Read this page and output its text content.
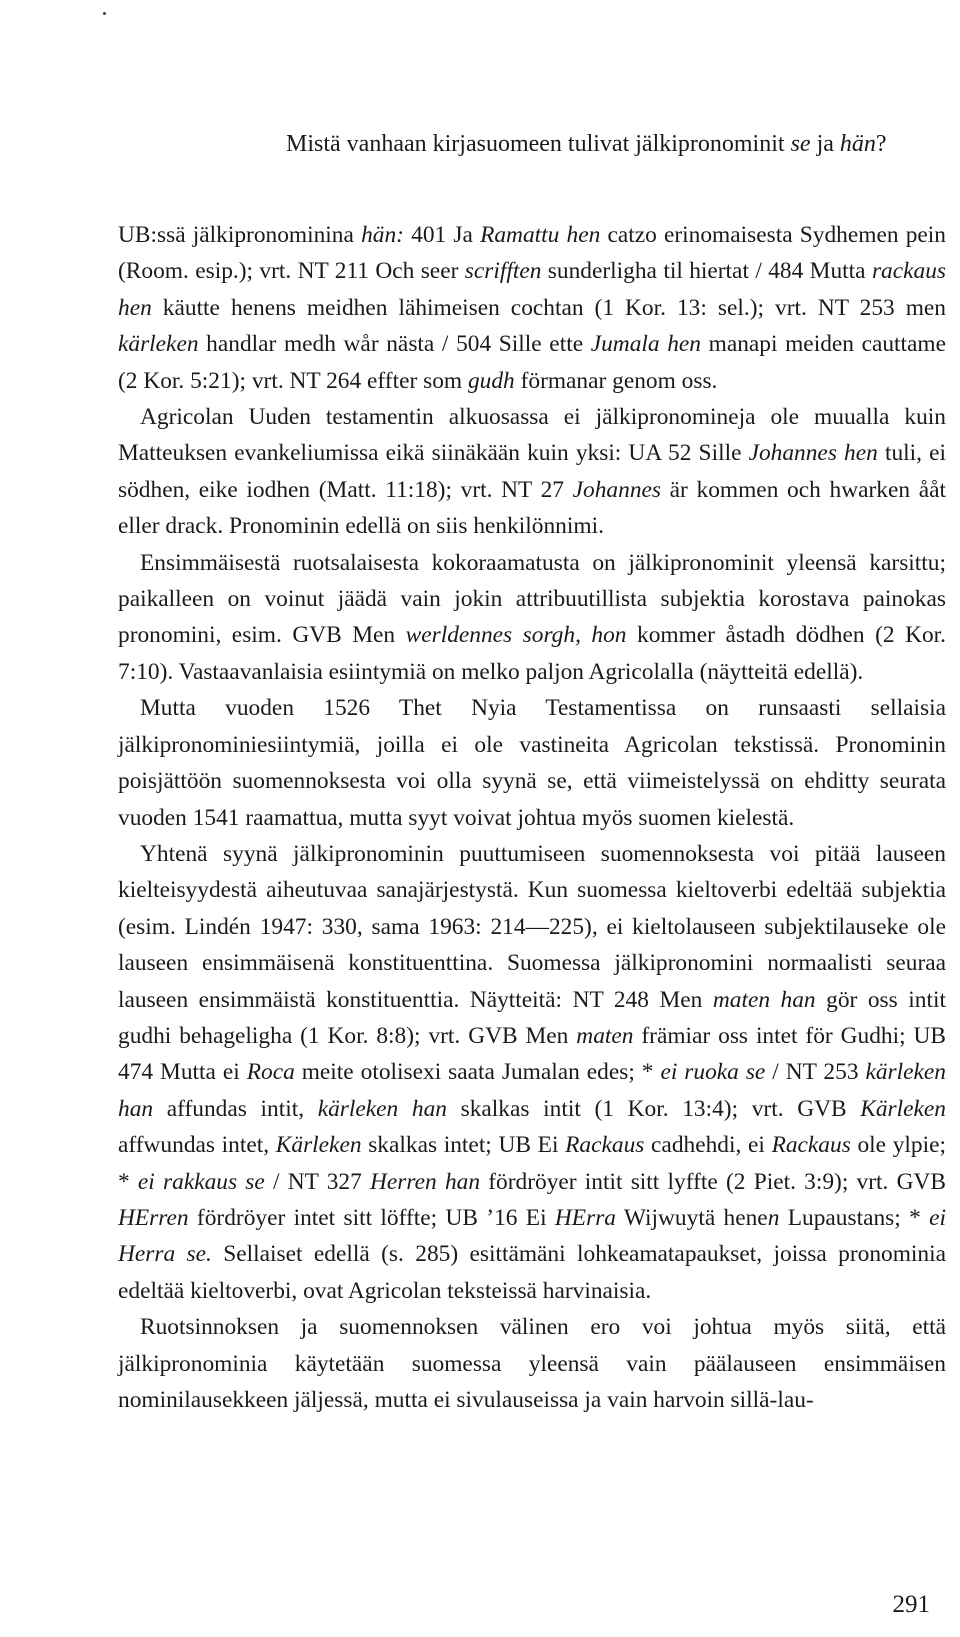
Mistä vanhaan kirjasuomeen tulivat jälkipronominit se ja hän?

UB:ssä jälkipronominina hän: 401 Ja Ramattu hen catzo erinomaisesta Sydhemen pein (Room. esip.); vrt. NT 211 Och seer scrifften sunderligha til hiertat / 484 Mutta rackaus hen käutte henens meidhen lähimeisen cochtan (1 Kor. 13: sel.); vrt. NT 253 men kärleken handlar medh wår nästa / 504 Sille ette Jumala hen manapi meiden cauttame (2 Kor. 5:21); vrt. NT 264 effter som gudh förmanar genom oss.

Agricolan Uuden testamentin alkuosassa ei jälkipronomineja ole muualla kuin Matteuksen evankeliumissa eikä siinäkään kuin yksi: UA 52 Sille Johannes hen tuli, ei södhen, eike iodhen (Matt. 11:18); vrt. NT 27 Johannes är kommen och hwarken ååt eller drack. Pronominin edellä on siis henkilönnimi.

Ensimmäisestä ruotsalaisesta kokoraamatusta on jälkipronominit yleensä karsittu; paikalleen on voinut jäädä vain jokin attribuutillista subjektia korostava painokas pronomini, esim. GVB Men werldennes sorgh, hon kommer åstadh dödhen (2 Kor. 7:10). Vastaavanlaisia esiintymiä on melko paljon Agricolalla (näytteitä edellä).

Mutta vuoden 1526 Thet Nyia Testamentissa on runsaasti sellaisia jälkipronominiesiintymiä, joilla ei ole vastineita Agricolan tekstissä. Pronominin poisjättöön suomennoksesta voi olla syynä se, että viimeistelyssä on ehditty seurata vuoden 1541 raamattua, mutta syyt voivat johtua myös suomen kielestä.

Yhtenä syynä jälkipronominin puuttumiseen suomennoksesta voi pitää lauseen kielteisyydestä aiheutuvaa sanajärjestystä. Kun suomessa kieltoverbi edeltää subjektia (esim. Lindén 1947: 330, sama 1963: 214—225), ei kieltolauseen subjektilauseke ole lauseen ensimmäisenä konstituenttina. Suomessa jälkipronomini normaalisti seuraa lauseen ensimmäistä konstituenttia. Näytteitä: NT 248 Men maten han gör oss intit gudhi behageligha (1 Kor. 8:8); vrt. GVB Men maten främiar oss intet för Gudhi; UB 474 Mutta ei Roca meite otolisexi saata Jumalan edes; * ei ruoka se / NT 253 kärleken han affundas intit, kärleken han skalkas intit (1 Kor. 13:4); vrt. GVB Kärleken affwundas intet, Kärleken skalkas intet; UB Ei Rackaus cadhehdi, ei Rackaus ole ylpie; * ei rakkaus se / NT 327 Herren han fördröyer intit sitt lyffte (2 Piet. 3:9); vrt. GVB HErren fördröyer intet sitt löffte; UB ’16 Ei HErra Wijwuytä henen Lupaustans; * ei Herra se. Sellaiset edellä (s. 285) esittämäni lohkeamatapaukset, joissa pronominia edeltää kieltoverbi, ovat Agricolan teksteissä harvinaisia.

Ruotsinnoksen ja suomennoksen välinen ero voi johtua myös siitä, että jälkipronominia käytetään suomessa yleensä vain päälauseen ensimmäisen nominilausekkeen jäljessä, mutta ei sivulauseissa ja vain harvoin sillä-lau-

291
